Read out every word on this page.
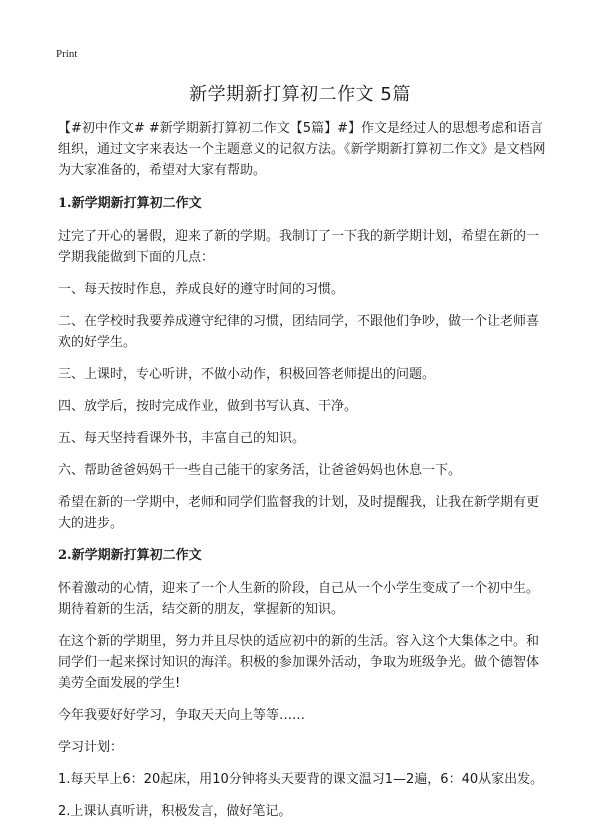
Print
新学期新打算初二作文 5篇

【#初中作文# #新学期新打算初二作文【5篇】#】作文是经过人的思想考虑和语言组织，通过文字来表达一个主题意义的记叙方法。《新学期新打算初二作文》是文档网为大家准备的，希望对大家有帮助。

1.新学期新打算初二作文

过完了开心的暑假，迎来了新的学期。我制订了一下我的新学期计划，希望在新的一学期我能做到下面的几点：

一、每天按时作息，养成良好的遵守时间的习惯。

二、在学校时我要养成遵守纪律的习惯，团结同学，不跟他们争吵，做一个让老师喜欢的好学生。

三、上课时，专心听讲，不做小动作，积极回答老师提出的问题。

四、放学后，按时完成作业，做到书写认真、干净。

五、每天坚持看课外书，丰富自己的知识。

六、帮助爸爸妈妈干一些自己能干的家务活，让爸爸妈妈也休息一下。

希望在新的一学期中，老师和同学们监督我的计划，及时提醒我，让我在新学期有更大的进步。

2.新学期新打算初二作文

怀着激动的心情，迎来了一个人生新的阶段，自己从一个小学生变成了一个初中生。期待着新的生活，结交新的朋友，掌握新的知识。

在这个新的学期里，努力并且尽快的适应初中的新的生活。容入这个大集体之中。和同学们一起来探讨知识的海洋。积极的参加课外活动，争取为班级争光。做个德智体美劳全面发展的学生!

今年我要好好学习，争取天天向上等等……

学习计划：

1.每天早上6：20起床，用10分钟将头天要背的课文温习1—2遍，6：40从家出发。

2.上课认真听讲，积极发言，做好笔记。
